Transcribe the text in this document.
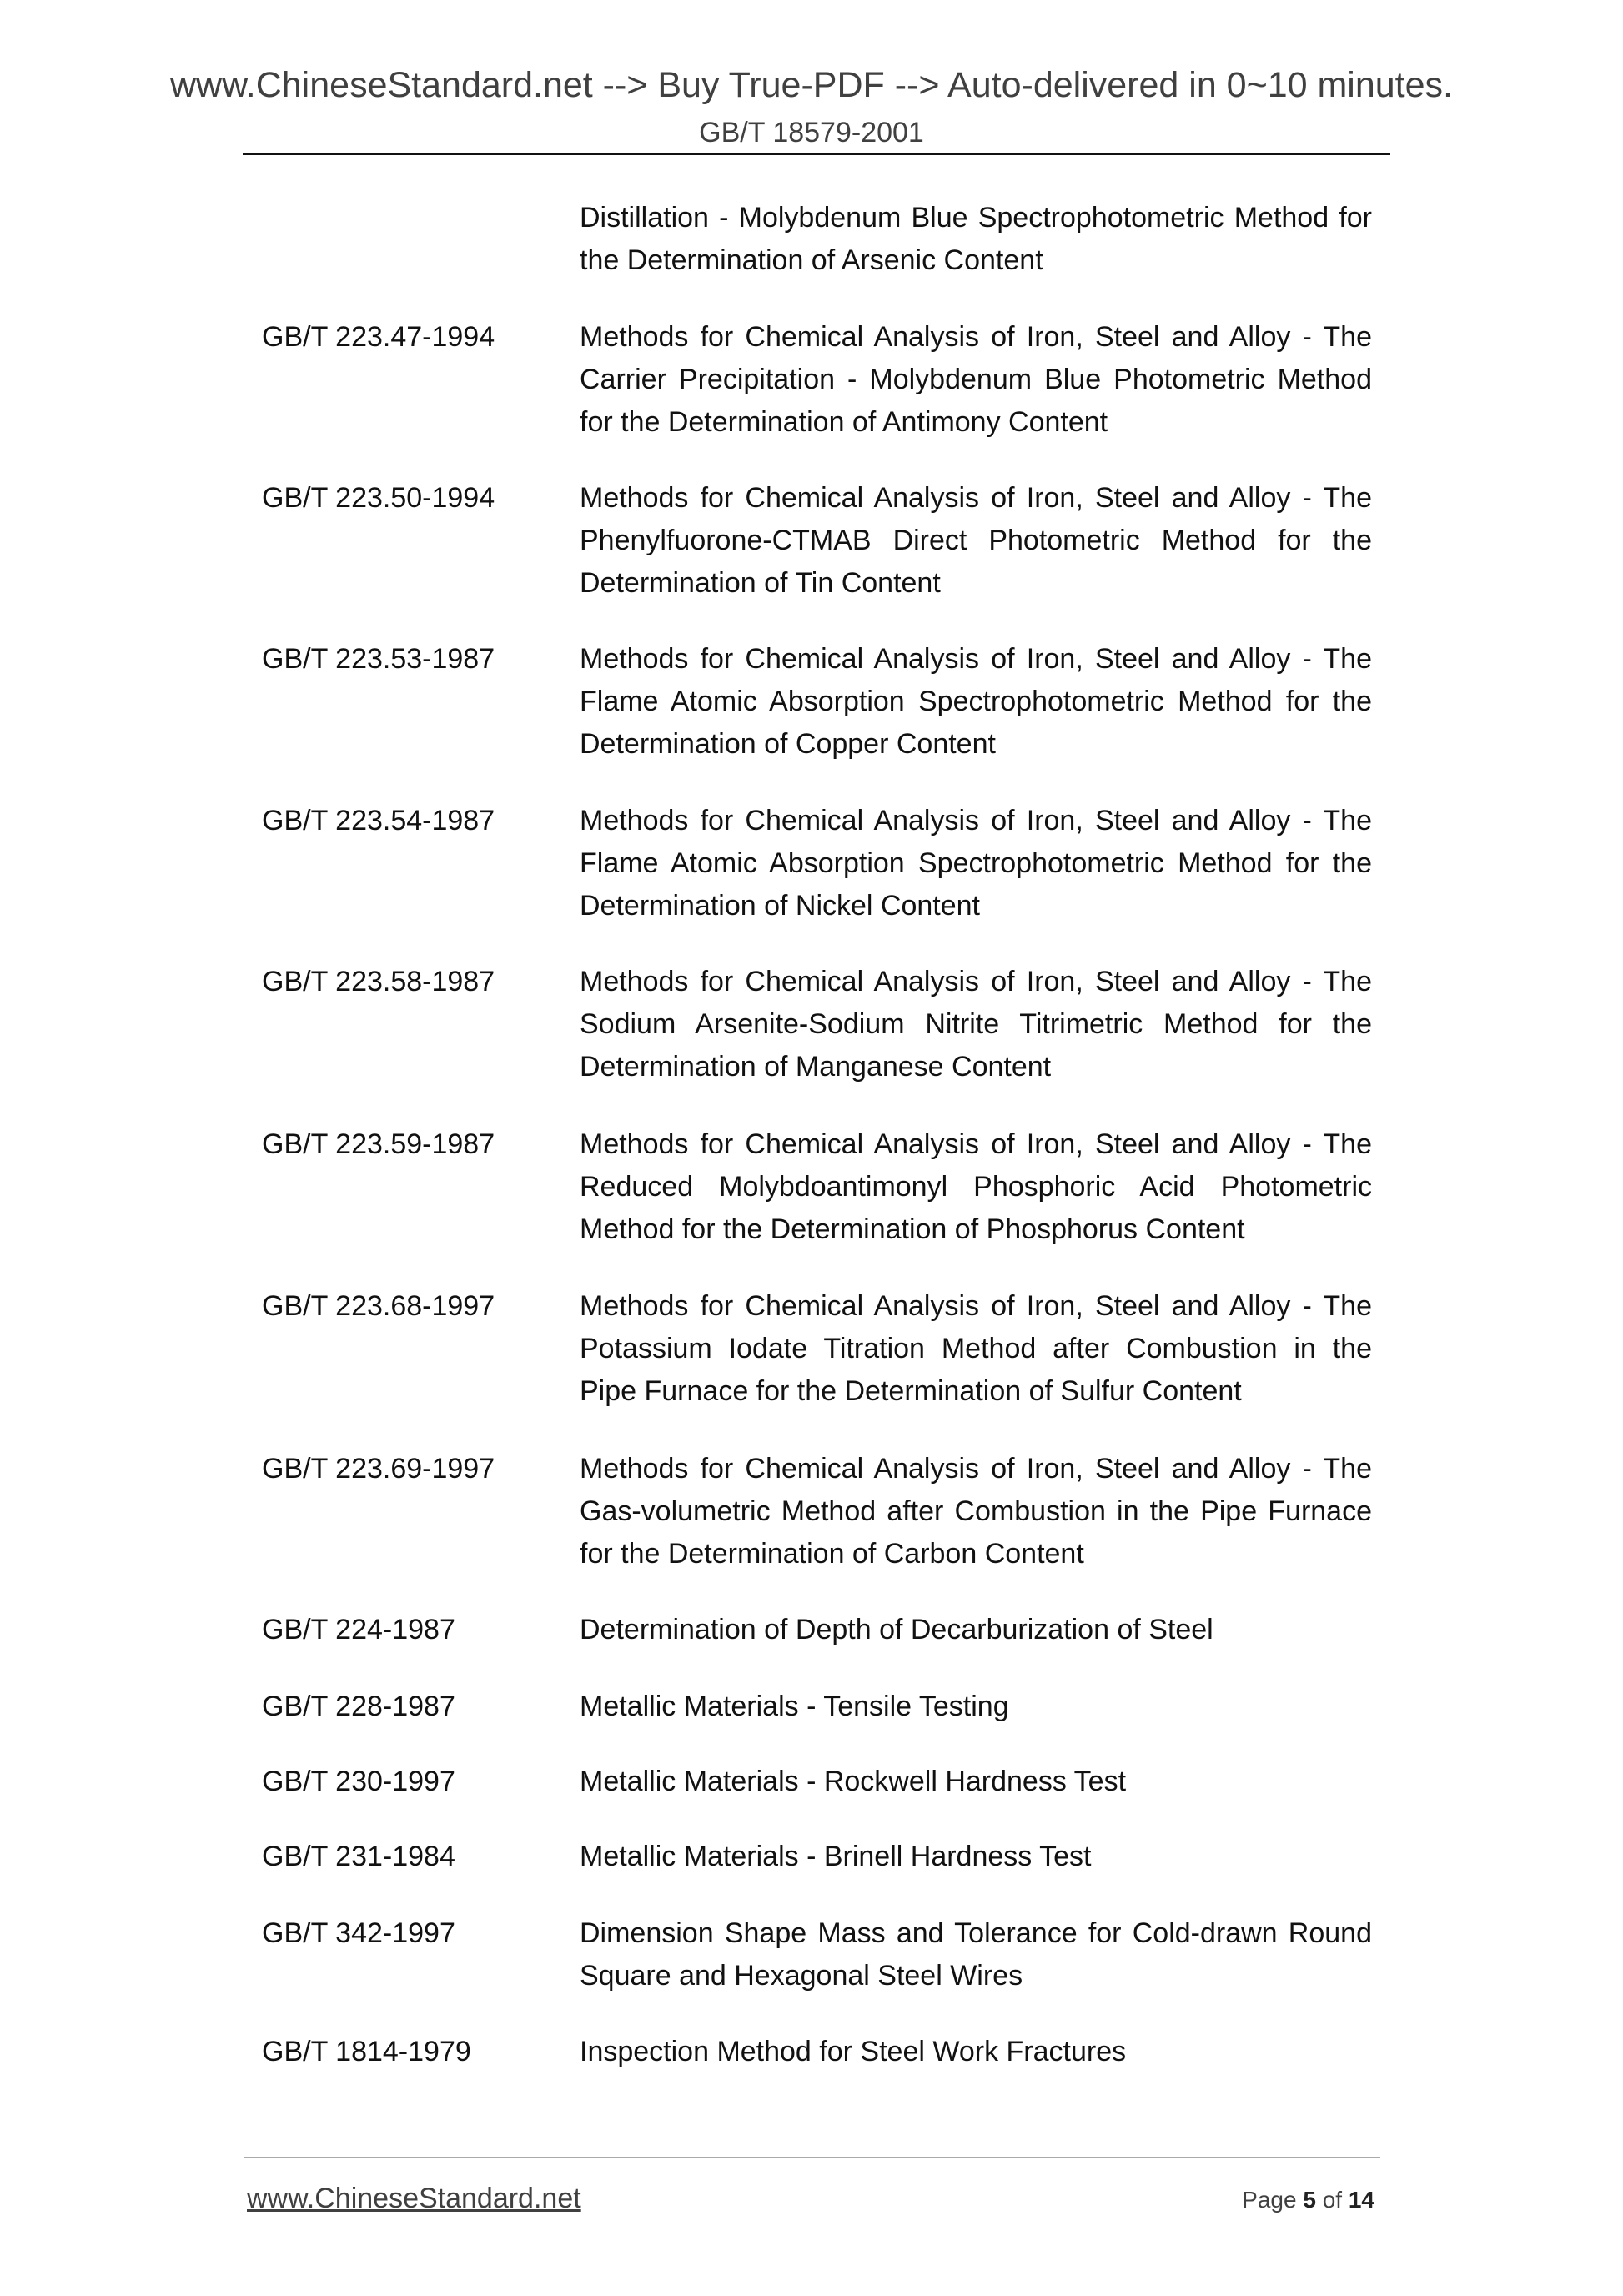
www.ChineseStandard.net --> Buy True-PDF --> Auto-delivered in 0~10 minutes.
GB/T 18579-2001
Distillation - Molybdenum Blue Spectrophotometric Method for the Determination of Arsenic Content
GB/T 223.47-1994	Methods for Chemical Analysis of Iron, Steel and Alloy - The Carrier Precipitation - Molybdenum Blue Photometric Method for the Determination of Antimony Content
GB/T 223.50-1994	Methods for Chemical Analysis of Iron, Steel and Alloy - The Phenylfuorone-CTMAB Direct Photometric Method for the Determination of Tin Content
GB/T 223.53-1987	Methods for Chemical Analysis of Iron, Steel and Alloy - The Flame Atomic Absorption Spectrophotometric Method for the Determination of Copper Content
GB/T 223.54-1987	Methods for Chemical Analysis of Iron, Steel and Alloy - The Flame Atomic Absorption Spectrophotometric Method for the Determination of Nickel Content
GB/T 223.58-1987	Methods for Chemical Analysis of Iron, Steel and Alloy - The Sodium Arsenite-Sodium Nitrite Titrimetric Method for the Determination of Manganese Content
GB/T 223.59-1987	Methods for Chemical Analysis of Iron, Steel and Alloy - The Reduced Molybdoantimonyl Phosphoric Acid Photometric Method for the Determination of Phosphorus Content
GB/T 223.68-1997	Methods for Chemical Analysis of Iron, Steel and Alloy - The Potassium Iodate Titration Method after Combustion in the Pipe Furnace for the Determination of Sulfur Content
GB/T 223.69-1997	Methods for Chemical Analysis of Iron, Steel and Alloy - The Gas-volumetric Method after Combustion in the Pipe Furnace for the Determination of Carbon Content
GB/T 224-1987	Determination of Depth of Decarburization of Steel
GB/T 228-1987	Metallic Materials - Tensile Testing
GB/T 230-1997	Metallic Materials - Rockwell Hardness Test
GB/T 231-1984	Metallic Materials - Brinell Hardness Test
GB/T 342-1997	Dimension Shape Mass and Tolerance for Cold-drawn Round Square and Hexagonal Steel Wires
GB/T 1814-1979	Inspection Method for Steel Work Fractures
www.ChineseStandard.net	Page 5 of 14
